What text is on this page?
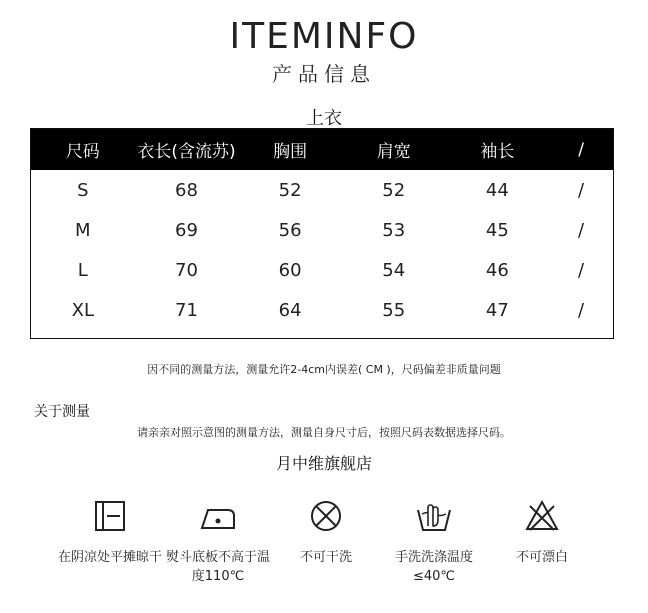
ITEMINFO
产品信息
上衣
尺码	衣长(含流苏)	胸围	肩宽	袖长	/
S	68	52	52	44	/
M	69	56	53	45	/
L	70	60	54	46	/
XL	71	64	55	47	/
因不同的测量方法，测量允许2-4cm内误差( CM )，尺码偏差非质量问题
关于测量
请亲亲对照示意图的测量方法，测量自身尺寸后，按照尺码表数据选择尺码。
月中维旗舰店
在阴凉处平摊晾干 熨斗底板不高于温度110℃
不可干洗	手洗洗涤温度≤40℃
不可漂白
